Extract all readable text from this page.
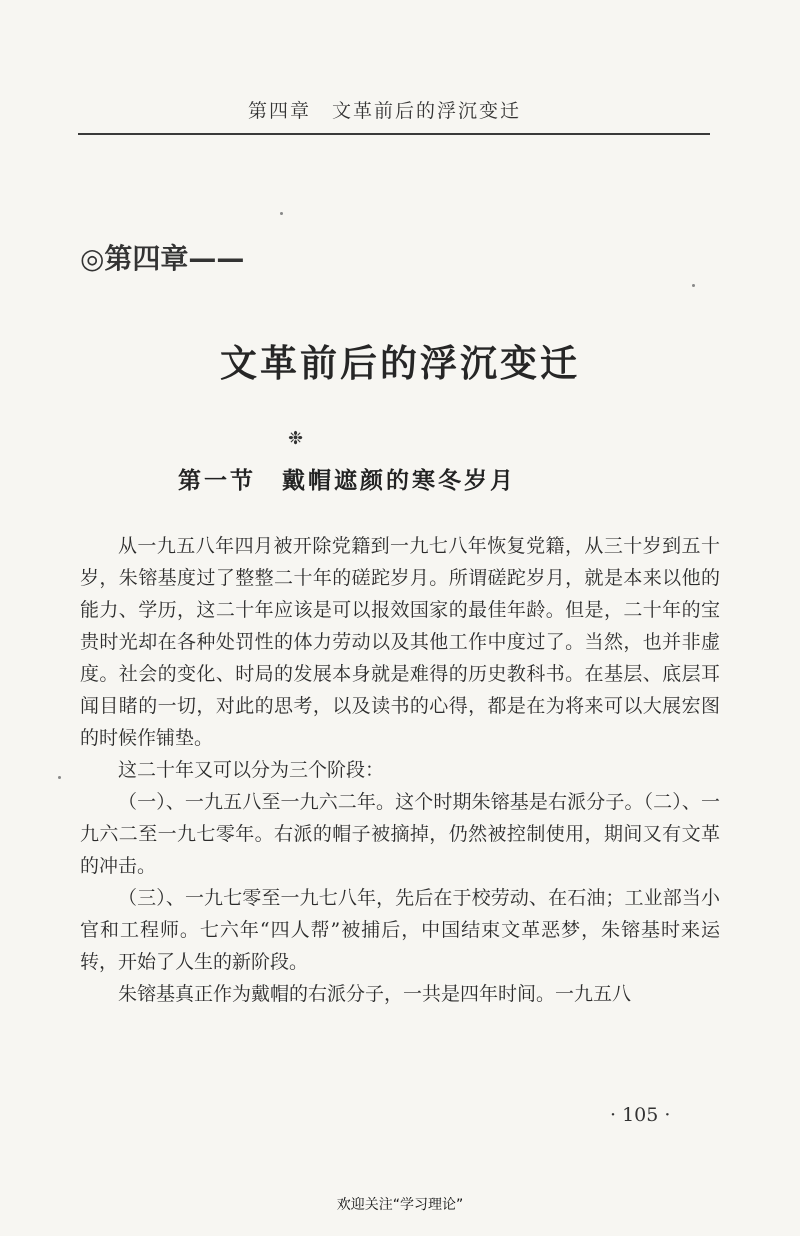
第四章　文革前后的浮沉变迁
◎第四章——
文革前后的浮沉变迁
❉
第一节 戴帽遮颜的寒冬岁月

从一九五八年四月被开除党籍到一九七八年恢复党籍，从三十岁到五十岁，朱镕基度过了整整二十年的磋跎岁月。所谓磋跎岁月，就是本来以他的能力、学历，这二十年应该是可以报效国家的最佳年龄。但是，二十年的宝贵时光却在各种处罚性的体力劳动以及其他工作中度过了。当然，也并非虚度。社会的变化、时局的发展本身就是难得的历史教科书。在基层、底层耳闻目睹的一切，对此的思考，以及读书的心得，都是在为将来可以大展宏图的时候作铺垫。

这二十年又可以分为三个阶段：

（一）、一九五八至一九六二年。这个时期朱镕基是右派分子。（二）、一九六二至一九七零年。右派的帽子被摘掉，仍然被控制使用，期间又有文革的冲击。

（三）、一九七零至一九七八年，先后在于校劳动、在石油；工业部当小官和工程师。七六年“四人帮”被捕后，中国结束文革恶梦，朱镕基时来运转，开始了人生的新阶段。

朱镕基真正作为戴帽的右派分子，一共是四年时间。一九五八

· 105 ·
欢迎关注“学习理论”
